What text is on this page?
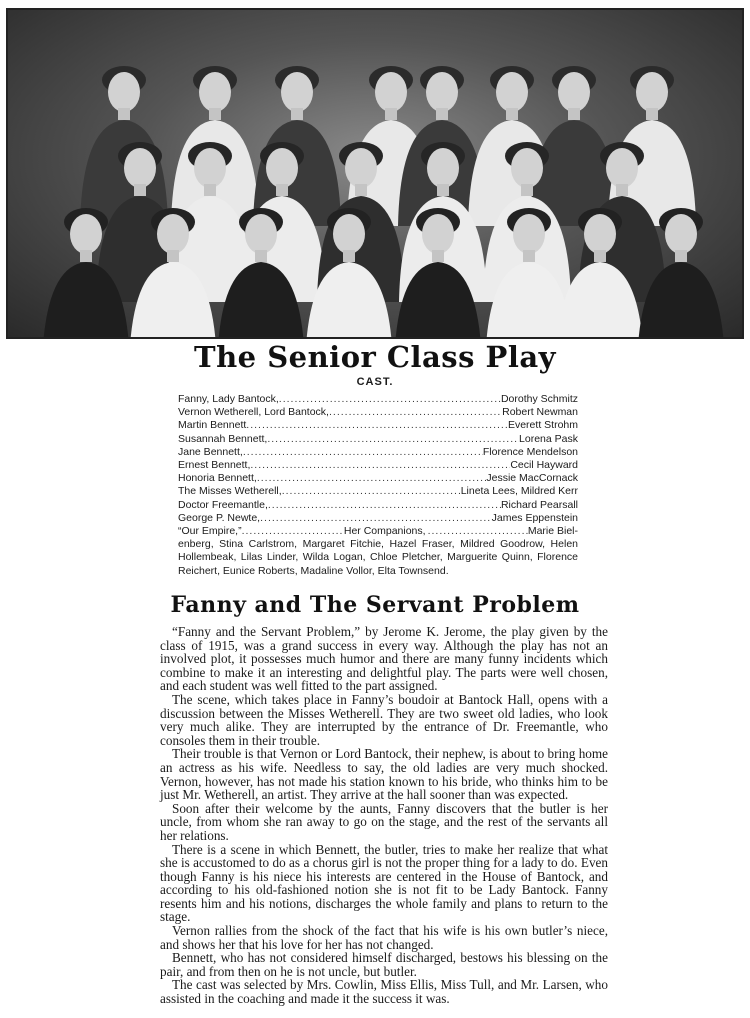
The Senior Class Play
CAST.
Fanny, Lady Bantock, .....	Dorothy Schmitz
Vernon Wetherell, Lord Bantock, .....	Robert Newman
Martin Bennett .....	Everett Strohm
Susannah Bennett, .....	Lorena Pask
Jane Bennett, .....	Florence Mendelson
Ernest Bennett, .....	Cecil Hayward
Honoria Bennett, .....	Jessie MacCornack
The Misses Wetherell, .....	Lineta Lees, Mildred Kerr
Doctor Freemantle, .....	Richard Pearsall
George P. Newte, .....	James Eppenstein
“Our Empire,” .....	Her Companions, .....	Marie Biel-
enberg, Stina Carlstrom, Margaret Fitchie, Hazel Fraser, Mildred Goodrow, Helen Hollembeak, Lilas Linder, Wilda Logan, Chloe Pletcher, Marguerite Quinn, Florence Reichert, Eunice Roberts, Madaline Vollor, Elta Townsend.
Fanny and The Servant Problem

“Fanny and the Servant Problem,” by Jerome K. Jerome, the play given by the class of 1915, was a grand success in every way. Although the play has not an involved plot, it possesses much humor and there are many funny incidents which combine to make it an interesting and delightful play. The parts were well chosen, and each student was well fitted to the part assigned.

The scene, which takes place in Fanny’s boudoir at Bantock Hall, opens with a discussion between the Misses Wetherell. They are two sweet old ladies, who look very much alike. They are interrupted by the entrance of Dr. Freemantle, who consoles them in their trouble.

Their trouble is that Vernon or Lord Bantock, their nephew, is about to bring home an actress as his wife. Needless to say, the old ladies are very much shocked. Vernon, however, has not made his station known to his bride, who thinks him to be just Mr. Wetherell, an artist. They arrive at the hall sooner than was expected.

Soon after their welcome by the aunts, Fanny discovers that the butler is her uncle, from whom she ran away to go on the stage, and the rest of the servants all her relations.

There is a scene in which Bennett, the butler, tries to make her realize that what she is accustomed to do as a chorus girl is not the proper thing for a lady to do. Even though Fanny is his niece his interests are centered in the House of Bantock, and according to his old-fashioned notion she is not fit to be Lady Bantock. Fanny resents him and his notions, discharges the whole family and plans to return to the stage.

Vernon rallies from the shock of the fact that his wife is his own butler’s niece, and shows her that his love for her has not changed.

Bennett, who has not considered himself discharged, bestows his blessing on the pair, and from then on he is not uncle, but butler.

The cast was selected by Mrs. Cowlin, Miss Ellis, Miss Tull, and Mr. Larsen, who assisted in the coaching and made it the success it was.
